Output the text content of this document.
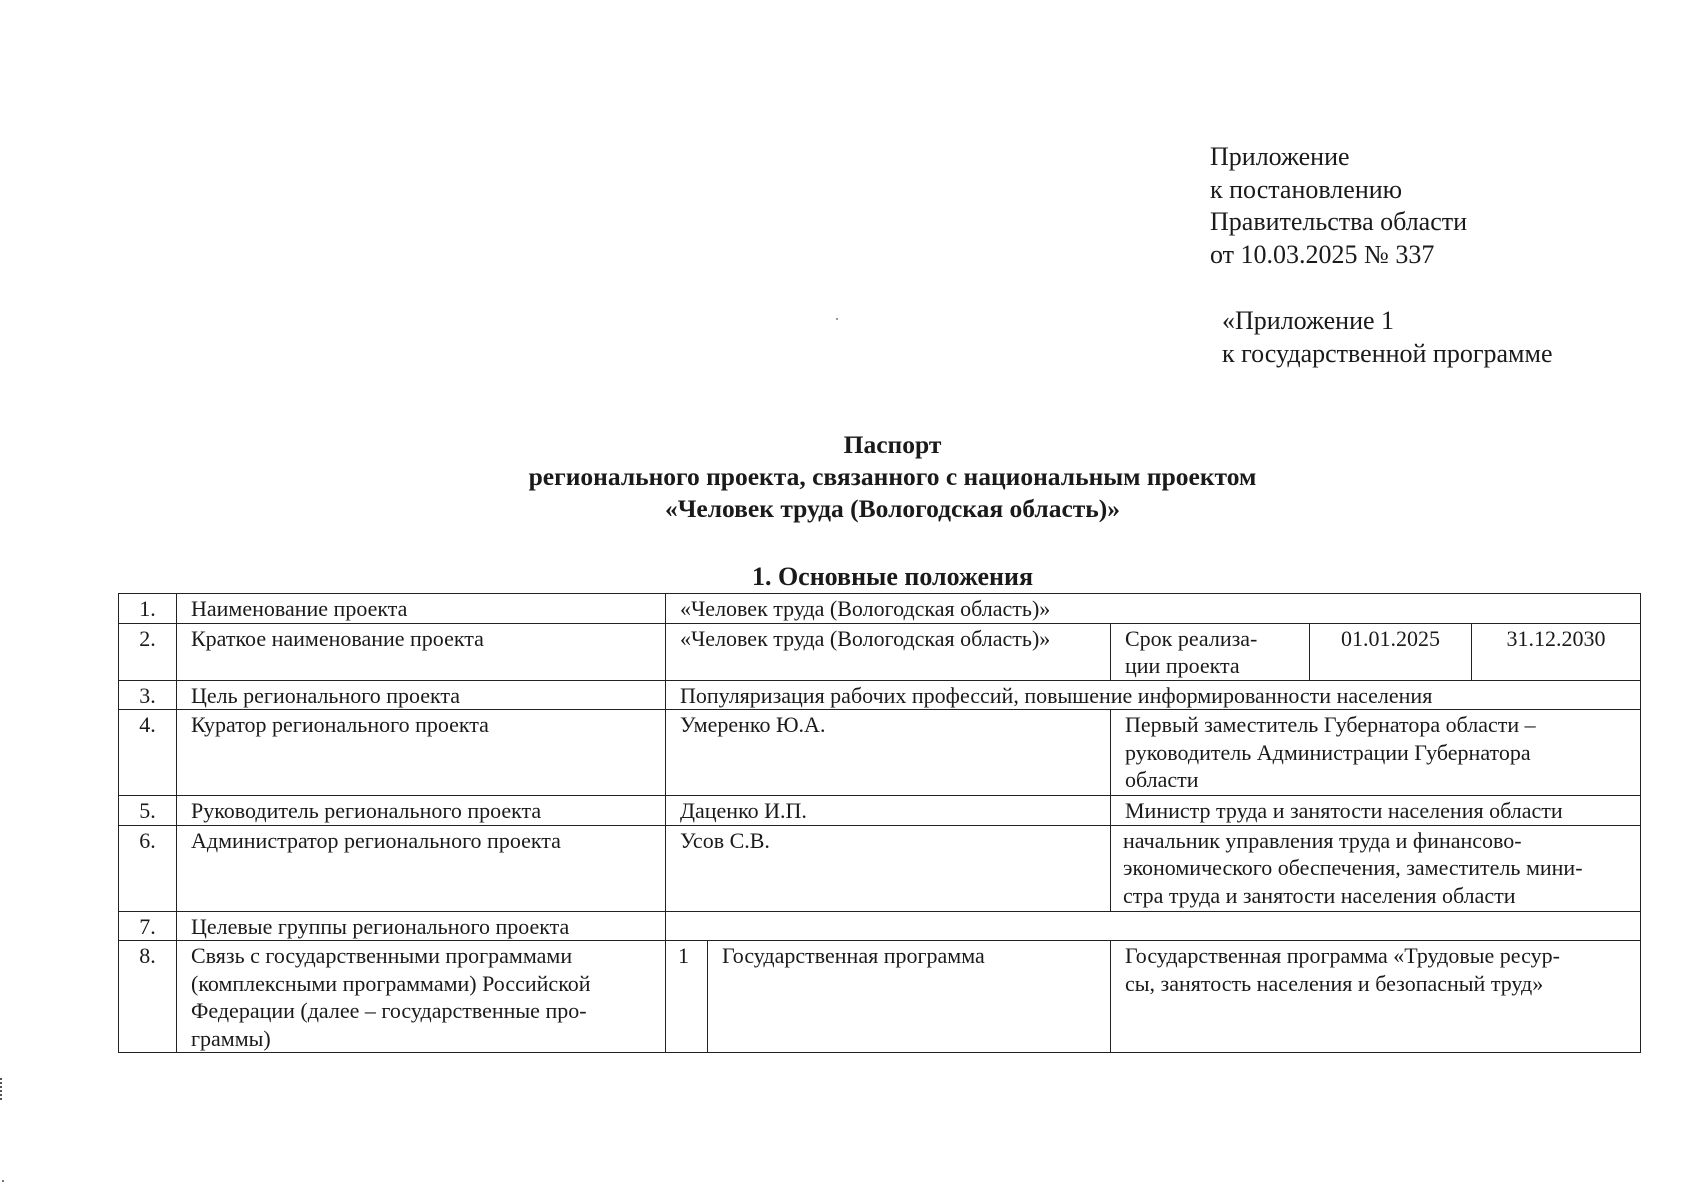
Приложение
к постановлению
Правительства области
от 10.03.2025 № 337
«Приложение 1
к государственной программе
Паспорт
регионального проекта, связанного с национальным проектом
«Человек труда (Вологодская область)»
1. Основные положения
1.	Наименование проекта	«Человек труда (Вологодская область)»				
2.	Краткое наименование проекта	«Человек труда (Вологодская область)»		Срок реализа-
ции проекта	01.01.2025	31.12.2030
3.	Цель регионального проекта	Популяризация рабочих профессий, повышение информированности населения				
4.	Куратор регионального проекта	Умеренко Ю.А.		Первый заместитель Губернатора области –
руководитель Администрации Губернатора
области		

5.	Руководитель регионального проекта	Даценко И.П.		Министр труда и занятости населения области		
6.	Администратор регионального проекта	Усов С.В.		начальник управления труда и финансово-
экономического обеспечения, заместитель мини-
стра труда и занятости населения области		

7.	Целевые группы регионального проекта					
8.	Связь с государственными программами
(комплексными программами) Российской
Федерации (далее – государственные про-
граммы)	1	Государственная программа	Государственная программа «Трудовые ресур-
сы, занятость населения и безопасный труд»		
